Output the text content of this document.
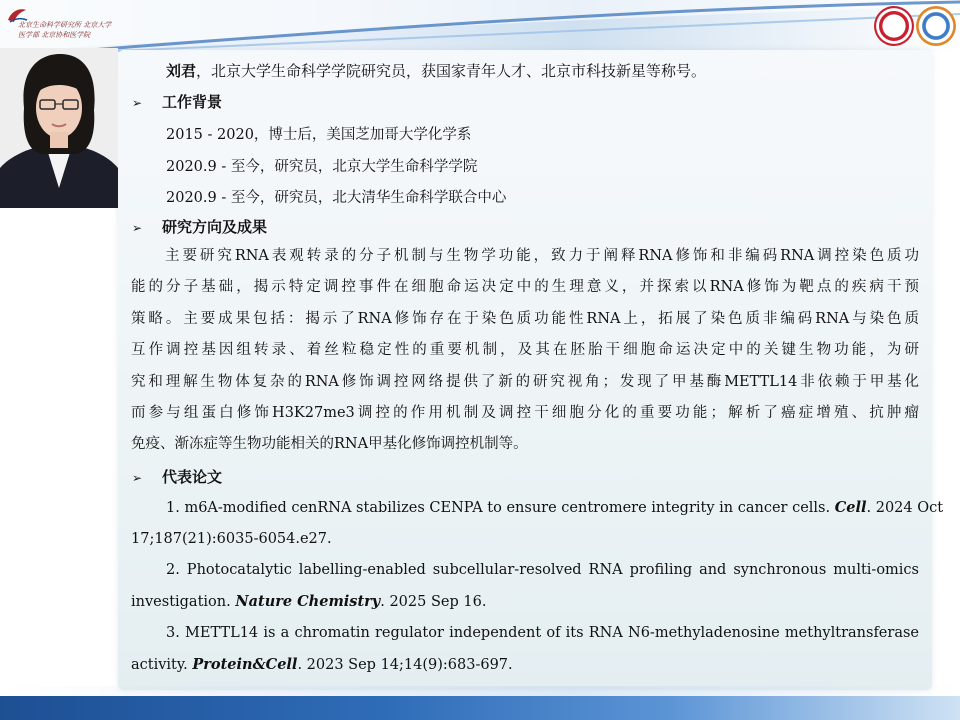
北京生命科学研究所 北京大学
医学部 北京协和医学院
刘君，北京大学生命科学学院研究员，获国家青年人才、北京市科技新星等称号。
➢ 工作背景
2015 - 2020，博士后，美国芝加哥大学化学系
2020.9 - 至今，研究员，北京大学生命科学学院
2020.9 - 至今，研究员，北大清华生命科学联合中心
➢ 研究方向及成果
主要研究RNA表观转录的分子机制与生物学功能，致力于阐释RNA修饰和非编码RNA调控染色质功
能的分子基础，揭示特定调控事件在细胞命运决定中的生理意义，并探索以RNA修饰为靶点的疾病干预
策略。主要成果包括：揭示了RNA修饰存在于染色质功能性RNA上，拓展了染色质非编码RNA与染色质
互作调控基因组转录、着丝粒稳定性的重要机制，及其在胚胎干细胞命运决定中的关键生物功能，为研
究和理解生物体复杂的RNA修饰调控网络提供了新的研究视角；发现了甲基酶METTL14非依赖于甲基化
而参与组蛋白修饰H3K27me3调控的作用机制及调控干细胞分化的重要功能；解析了癌症增殖、抗肿瘤
免疫、渐冻症等生物功能相关的RNA甲基化修饰调控机制等。
➢ 代表论文
1. m6A-modified cenRNA stabilizes CENPA to ensure centromere integrity in cancer cells. Cell. 2024 Oct
17;187(21):6035-6054.e27.
2. Photocatalytic labelling-enabled subcellular-resolved RNA profiling and synchronous multi-omics
investigation. Nature Chemistry. 2025 Sep 16.
3. METTL14 is a chromatin regulator independent of its RNA N6-methyladenosine methyltransferase
activity. Protein&Cell. 2023 Sep 14;14(9):683-697.
